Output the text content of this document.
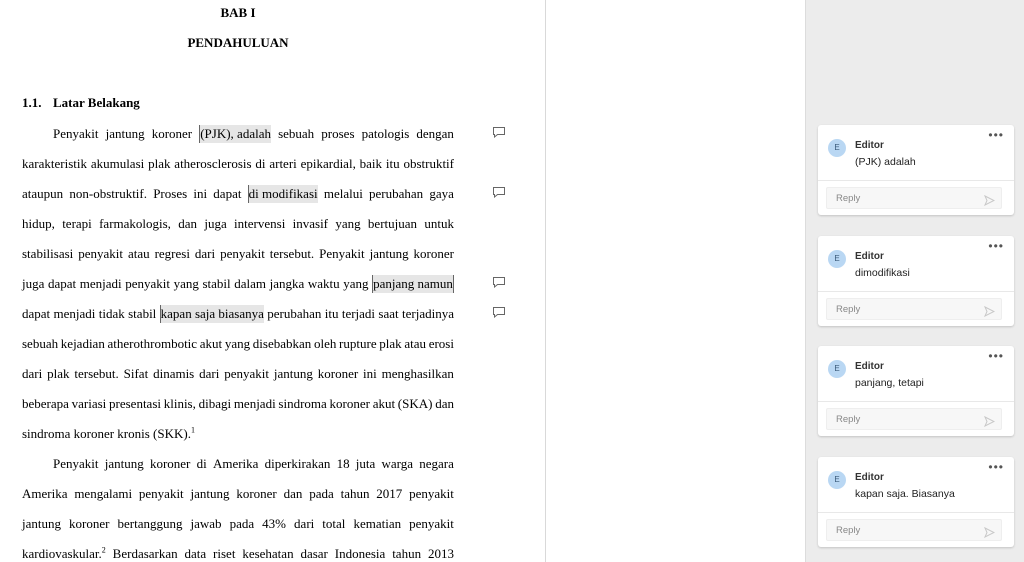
BAB I
PENDAHULUAN
1.1. Latar Belakang
Penyakit jantung koroner (PJK), adalah sebuah proses patologis dengan
karakteristik akumulasi plak atherosclerosis di arteri epikardial, baik itu obstruktif
ataupun non-obstruktif. Proses ini dapat di modifikasi melalui perubahan gaya
hidup, terapi farmakologis, dan juga intervensi invasif yang bertujuan untuk
stabilisasi penyakit atau regresi dari penyakit tersebut. Penyakit jantung koroner
juga dapat menjadi penyakit yang stabil dalam jangka waktu yang panjang namun
dapat menjadi tidak stabil kapan saja biasanya perubahan itu terjadi saat terjadinya
sebuah kejadian atherothrombotic akut yang disebabkan oleh rupture plak atau erosi
dari plak tersebut. Sifat dinamis dari penyakit jantung koroner ini menghasilkan
beberapa variasi presentasi klinis, dibagi menjadi sindroma koroner akut (SKA) dan
Penyakit jantung koroner di Amerika diperkirakan 18 juta warga negara
Amerika mengalami penyakit jantung koroner dan pada tahun 2017 penyakit
jantung koroner bertanggung jawab pada 43% dari total kematian penyakit
sindroma koroner kronis (SKK).$^1$
kardiovaskular.$^2$ Berdasarkan data riset kesehatan dasar Indonesia tahun 2013
E	Editor
(PJK) adalah
•••
Reply
E	Editor
dimodifikasi
•••
Reply
E	Editor
panjang, tetapi
•••
Reply
E	Editor
kapan saja. Biasanya
•••
Reply
